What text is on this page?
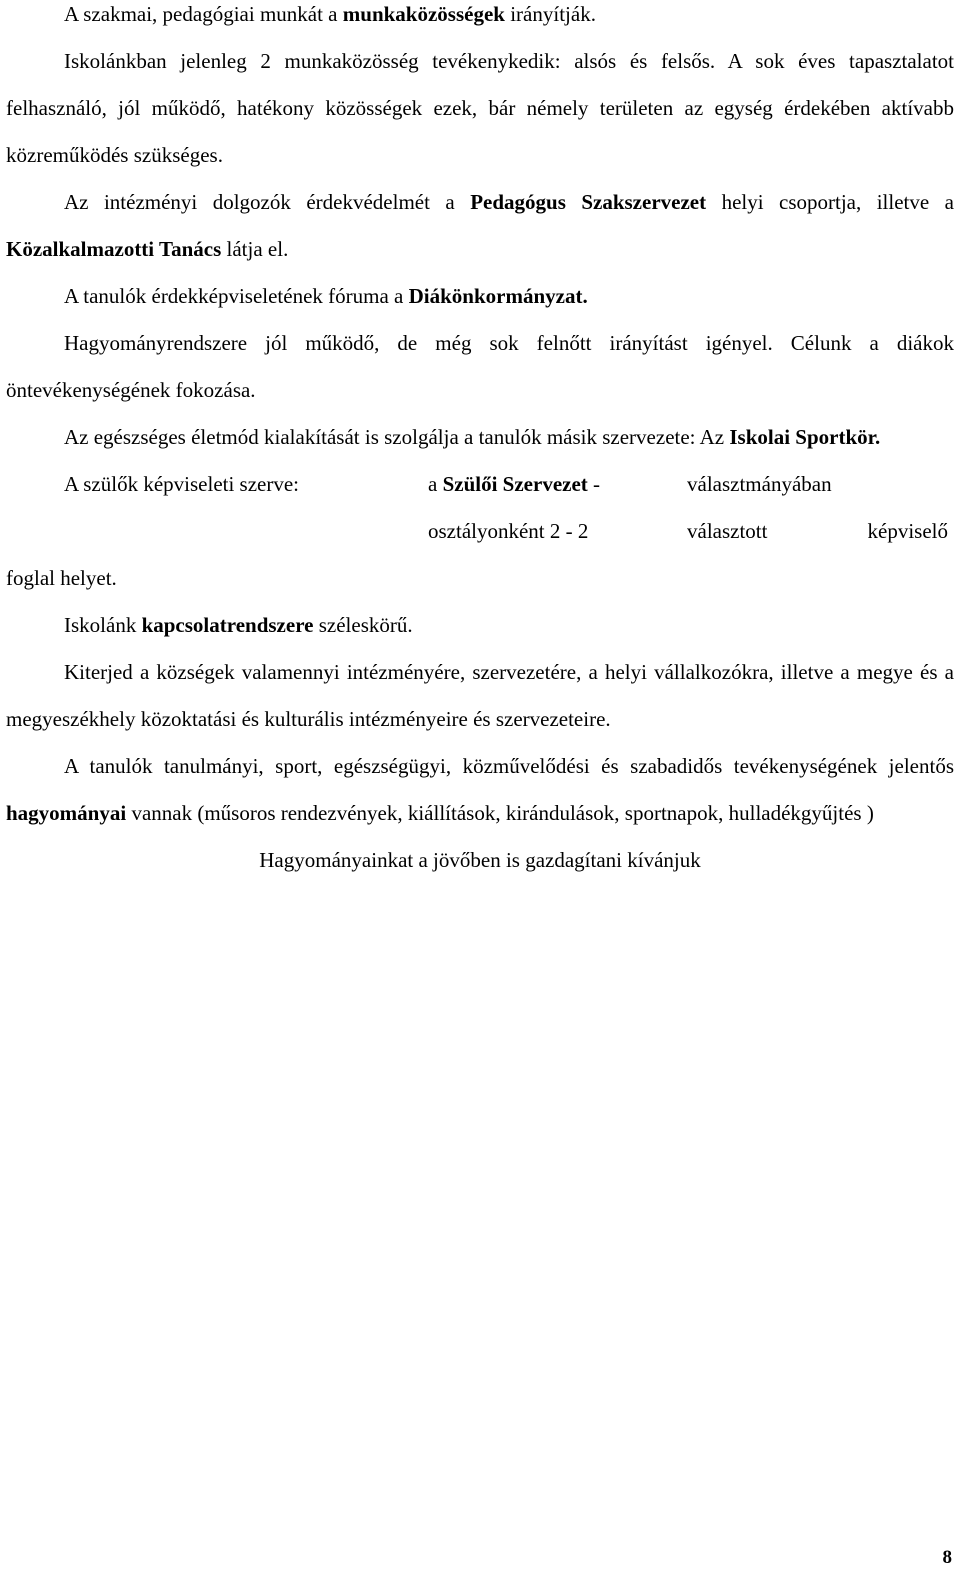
A szakmai, pedagógiai munkát a munkaközösségek irányítják.

Iskolánkban jelenleg 2 munkaközösség tevékenykedik: alsós és felsős. A sok éves tapasztalatot felhasználó, jól működő, hatékony közösségek ezek, bár némely területen az egység érdekében aktívabb közreműködés szükséges.

Az intézményi dolgozók érdekvédelmét a Pedagógus Szakszervezet helyi csoportja, illetve a Közalkalmazotti Tanács látja el.

A tanulók érdekképviseletének fóruma a Diákönkormányzat.

Hagyományrendszere jól működő, de még sok felnőtt irányítást igényel. Célunk a diákok öntevékenységének fokozása.

Az egészséges életmód kialakítását is szolgálja a tanulók másik szervezete: Az Iskolai Sportkör.

A szülők képviseleti szerve:	a Szülői Szervezet -	választmányában
osztályonként 2 - 2	választott	képviselő
foglal helyet.

Iskolánk kapcsolatrendszere széleskörű.

Kiterjed a községek valamennyi intézményére, szervezetére, a helyi vállalkozókra, illetve a megye és a megyeszékhely közoktatási és kulturális intézményeire és szervezeteire.

A tanulók tanulmányi, sport, egészségügyi, közművelődési és szabadidős tevékenységének jelentős hagyományai vannak (műsoros rendezvények, kiállítások, kirándulások, sportnapok, hulladékgyűjtés )

Hagyományainkat a jövőben is gazdagítani kívánjuk

8
